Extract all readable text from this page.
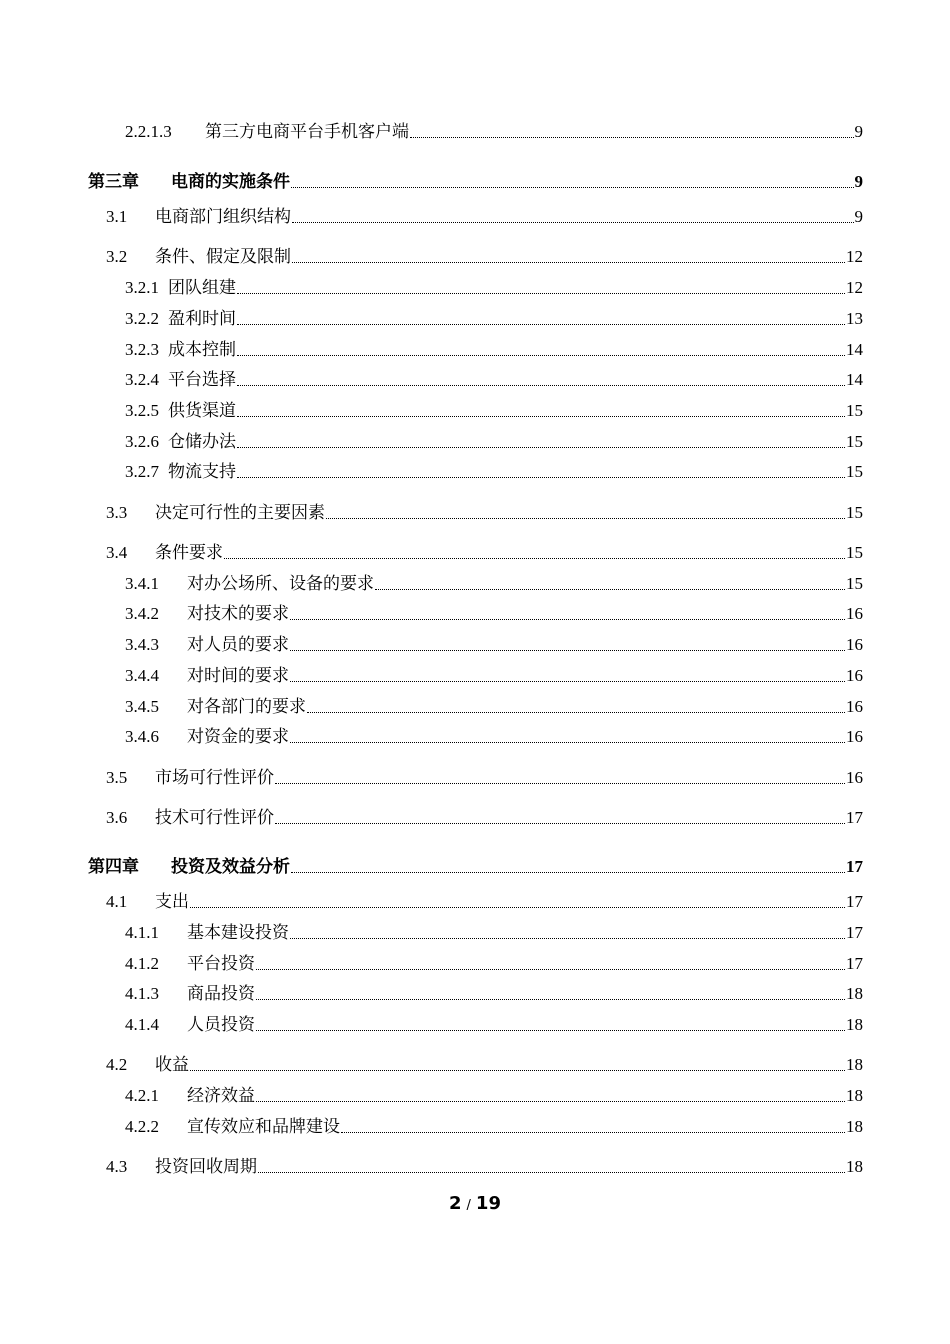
2.2.1.3	第三方电商平台手机客户端	9
第三章	电商的实施条件	9
3.1	电商部门组织结构	9
3.2	条件、假定及限制	12
3.2.1 团队组建	12
3.2.2 盈利时间	13
3.2.3 成本控制	14
3.2.4 平台选择	14
3.2.5 供货渠道	15
3.2.6 仓储办法	15
3.2.7 物流支持	15
3.3	决定可行性的主要因素	15
3.4	条件要求	15
3.4.1	对办公场所、设备的要求	15
3.4.2	对技术的要求	16
3.4.3	对人员的要求	16
3.4.4	对时间的要求	16
3.4.5	对各部门的要求	16
3.4.6	对资金的要求	16
3.5	市场可行性评价	16
3.6	技术可行性评价	17
第四章	投资及效益分析	17
4.1	支出	17
4.1.1	基本建设投资	17
4.1.2	平台投资	17
4.1.3	商品投资	18
4.1.4	人员投资	18
4.2	收益	18
4.2.1	经济效益	18
4.2.2	宣传效应和品牌建设	18
4.3	投资回收周期	18
2 / 19
